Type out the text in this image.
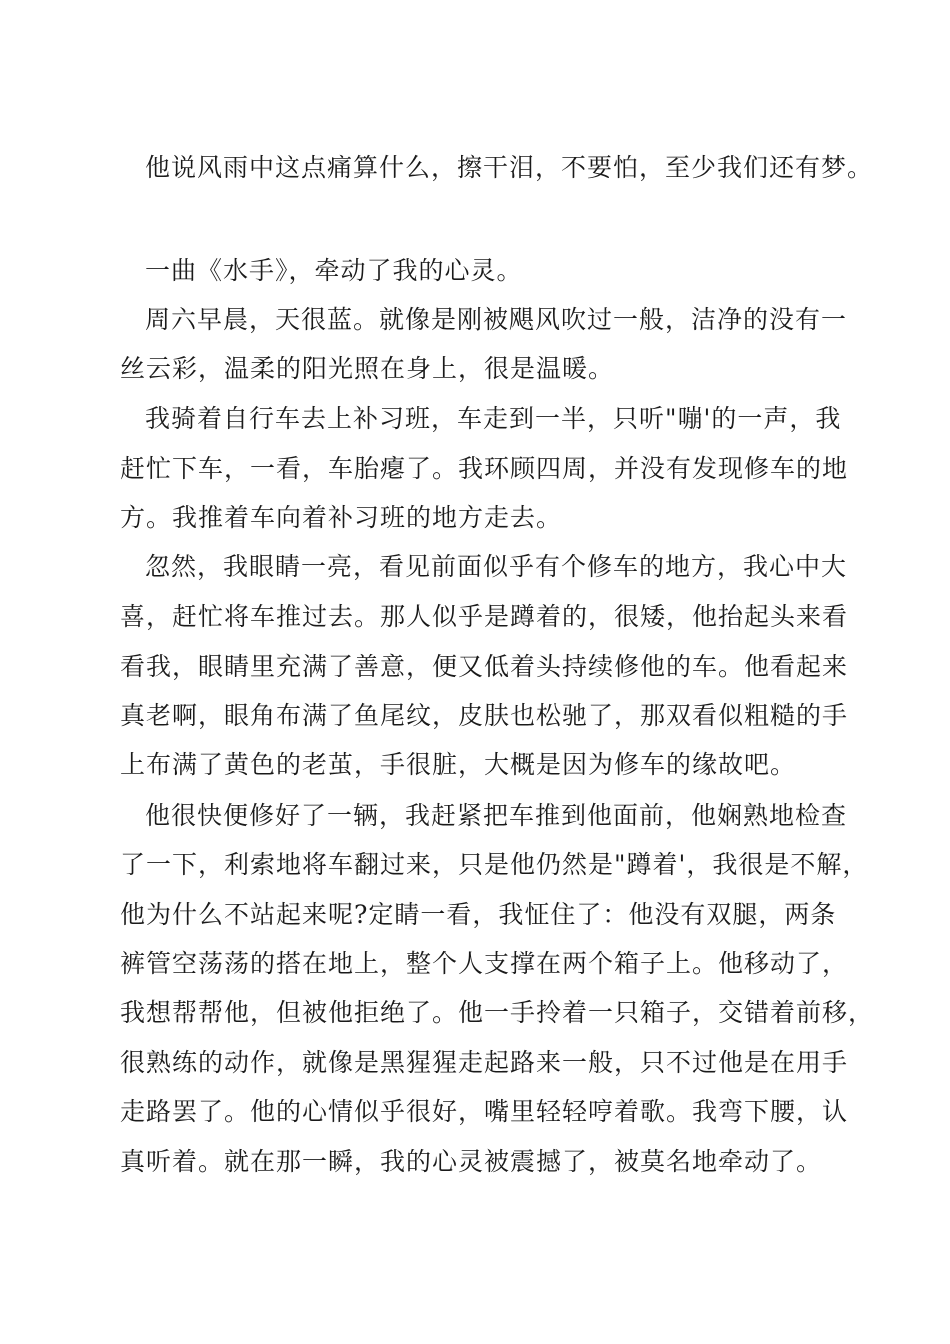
他说风雨中这点痛算什么，擦干泪，不要怕，至少我们还有梦。
一曲《水手》，牵动了我的心灵。
周六早晨，天很蓝。就像是刚被飓风吹过一般，洁净的没有一
丝云彩，温柔的阳光照在身上，很是温暖。
我骑着自行车去上补习班，车走到一半，只听"嘣'的一声，我
赶忙下车，一看，车胎瘪了。我环顾四周，并没有发现修车的地
方。我推着车向着补习班的地方走去。
忽然，我眼睛一亮，看见前面似乎有个修车的地方，我心中大
喜，赶忙将车推过去。那人似乎是蹲着的，很矮，他抬起头来看
看我，眼睛里充满了善意，便又低着头持续修他的车。他看起来
真老啊，眼角布满了鱼尾纹，皮肤也松驰了，那双看似粗糙的手
上布满了黄色的老茧，手很脏，大概是因为修车的缘故吧。
他很快便修好了一辆，我赶紧把车推到他面前，他娴熟地检查
了一下，利索地将车翻过来，只是他仍然是"蹲着'，我很是不解，
他为什么不站起来呢?定睛一看，我怔住了：他没有双腿，两条
裤管空荡荡的搭在地上，整个人支撑在两个箱子上。他移动了，
我想帮帮他，但被他拒绝了。他一手拎着一只箱子，交错着前移，
很熟练的动作，就像是黑猩猩走起路来一般，只不过他是在用手
走路罢了。他的心情似乎很好，嘴里轻轻哼着歌。我弯下腰，认
真听着。就在那一瞬，我的心灵被震撼了，被莫名地牵动了。
